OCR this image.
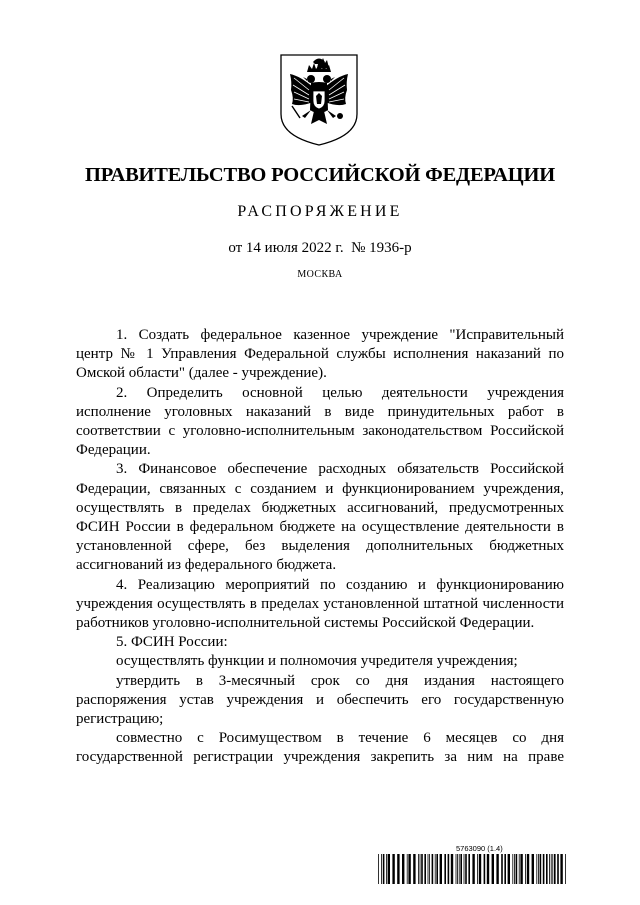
ПРАВИТЕЛЬСТВО РОССИЙСКОЙ ФЕДЕРАЦИИ
РАСПОРЯЖЕНИЕ
от 14 июля 2022 г. № 1936-р
МОСКВА

1. Создать федеральное казенное учреждение "Исправительный центр № 1 Управления Федеральной службы исполнения наказаний по Омской области" (далее - учреждение).

2. Определить основной целью деятельности учреждения исполнение уголовных наказаний в виде принудительных работ в соответствии с уголовно-исполнительным законодательством Российской Федерации.

3. Финансовое обеспечение расходных обязательств Российской Федерации, связанных с созданием и функционированием учреждения, осуществлять в пределах бюджетных ассигнований, предусмотренных ФСИН России в федеральном бюджете на осуществление деятельности в установленной сфере, без выделения дополнительных бюджетных ассигнований из федерального бюджета.

4. Реализацию мероприятий по созданию и функционированию учреждения осуществлять в пределах установленной штатной численности работников уголовно-исполнительной системы Российской Федерации.

5. ФСИН России:

осуществлять функции и полномочия учредителя учреждения;

утвердить в 3-месячный срок со дня издания настоящего распоряжения устав учреждения и обеспечить его государственную регистрацию;

совместно с Росимуществом в течение 6 месяцев со дня государственной регистрации учреждения закрепить за ним на праве

5763090 (1.4)
